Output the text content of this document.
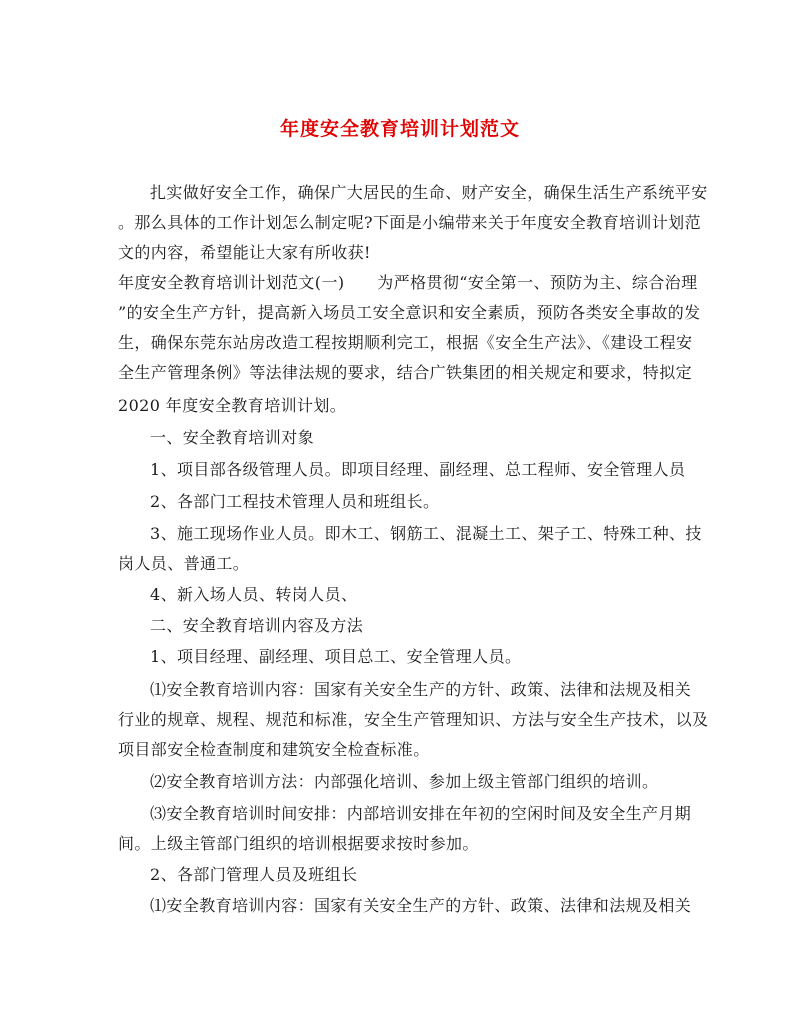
年度安全教育培训计划范文
扎实做好安全工作，确保广大居民的生命、财产安全，确保生活生产系统平安
。那么具体的工作计划怎么制定呢?下面是小编带来关于年度安全教育培训计划范
文的内容，希望能让大家有所收获!
年度安全教育培训计划范文(一)　　为严格贯彻“安全第一、预防为主、综合治理
”的安全生产方针，提高新入场员工安全意识和安全素质，预防各类安全事故的发
生，确保东莞东站房改造工程按期顺利完工，根据《安全生产法》、《建设工程安
全生产管理条例》等法律法规的要求，结合广铁集团的相关规定和要求，特拟定
2020 年度安全教育培训计划。
一、安全教育培训对象
1、项目部各级管理人员。即项目经理、副经理、总工程师、安全管理人员
2、各部门工程技术管理人员和班组长。
3、施工现场作业人员。即木工、钢筋工、混凝土工、架子工、特殊工种、技
岗人员、普通工。
4、新入场人员、转岗人员、
二、安全教育培训内容及方法
1、项目经理、副经理、项目总工、安全管理人员。
⑴安全教育培训内容：国家有关安全生产的方针、政策、法律和法规及相关
行业的规章、规程、规范和标准，安全生产管理知识、方法与安全生产技术，以及
项目部安全检查制度和建筑安全检查标准。
⑵安全教育培训方法：内部强化培训、参加上级主管部门组织的培训。
⑶安全教育培训时间安排：内部培训安排在年初的空闲时间及安全生产月期
间。上级主管部门组织的培训根据要求按时参加。
2、各部门管理人员及班组长
⑴安全教育培训内容：国家有关安全生产的方针、政策、法律和法规及相关
